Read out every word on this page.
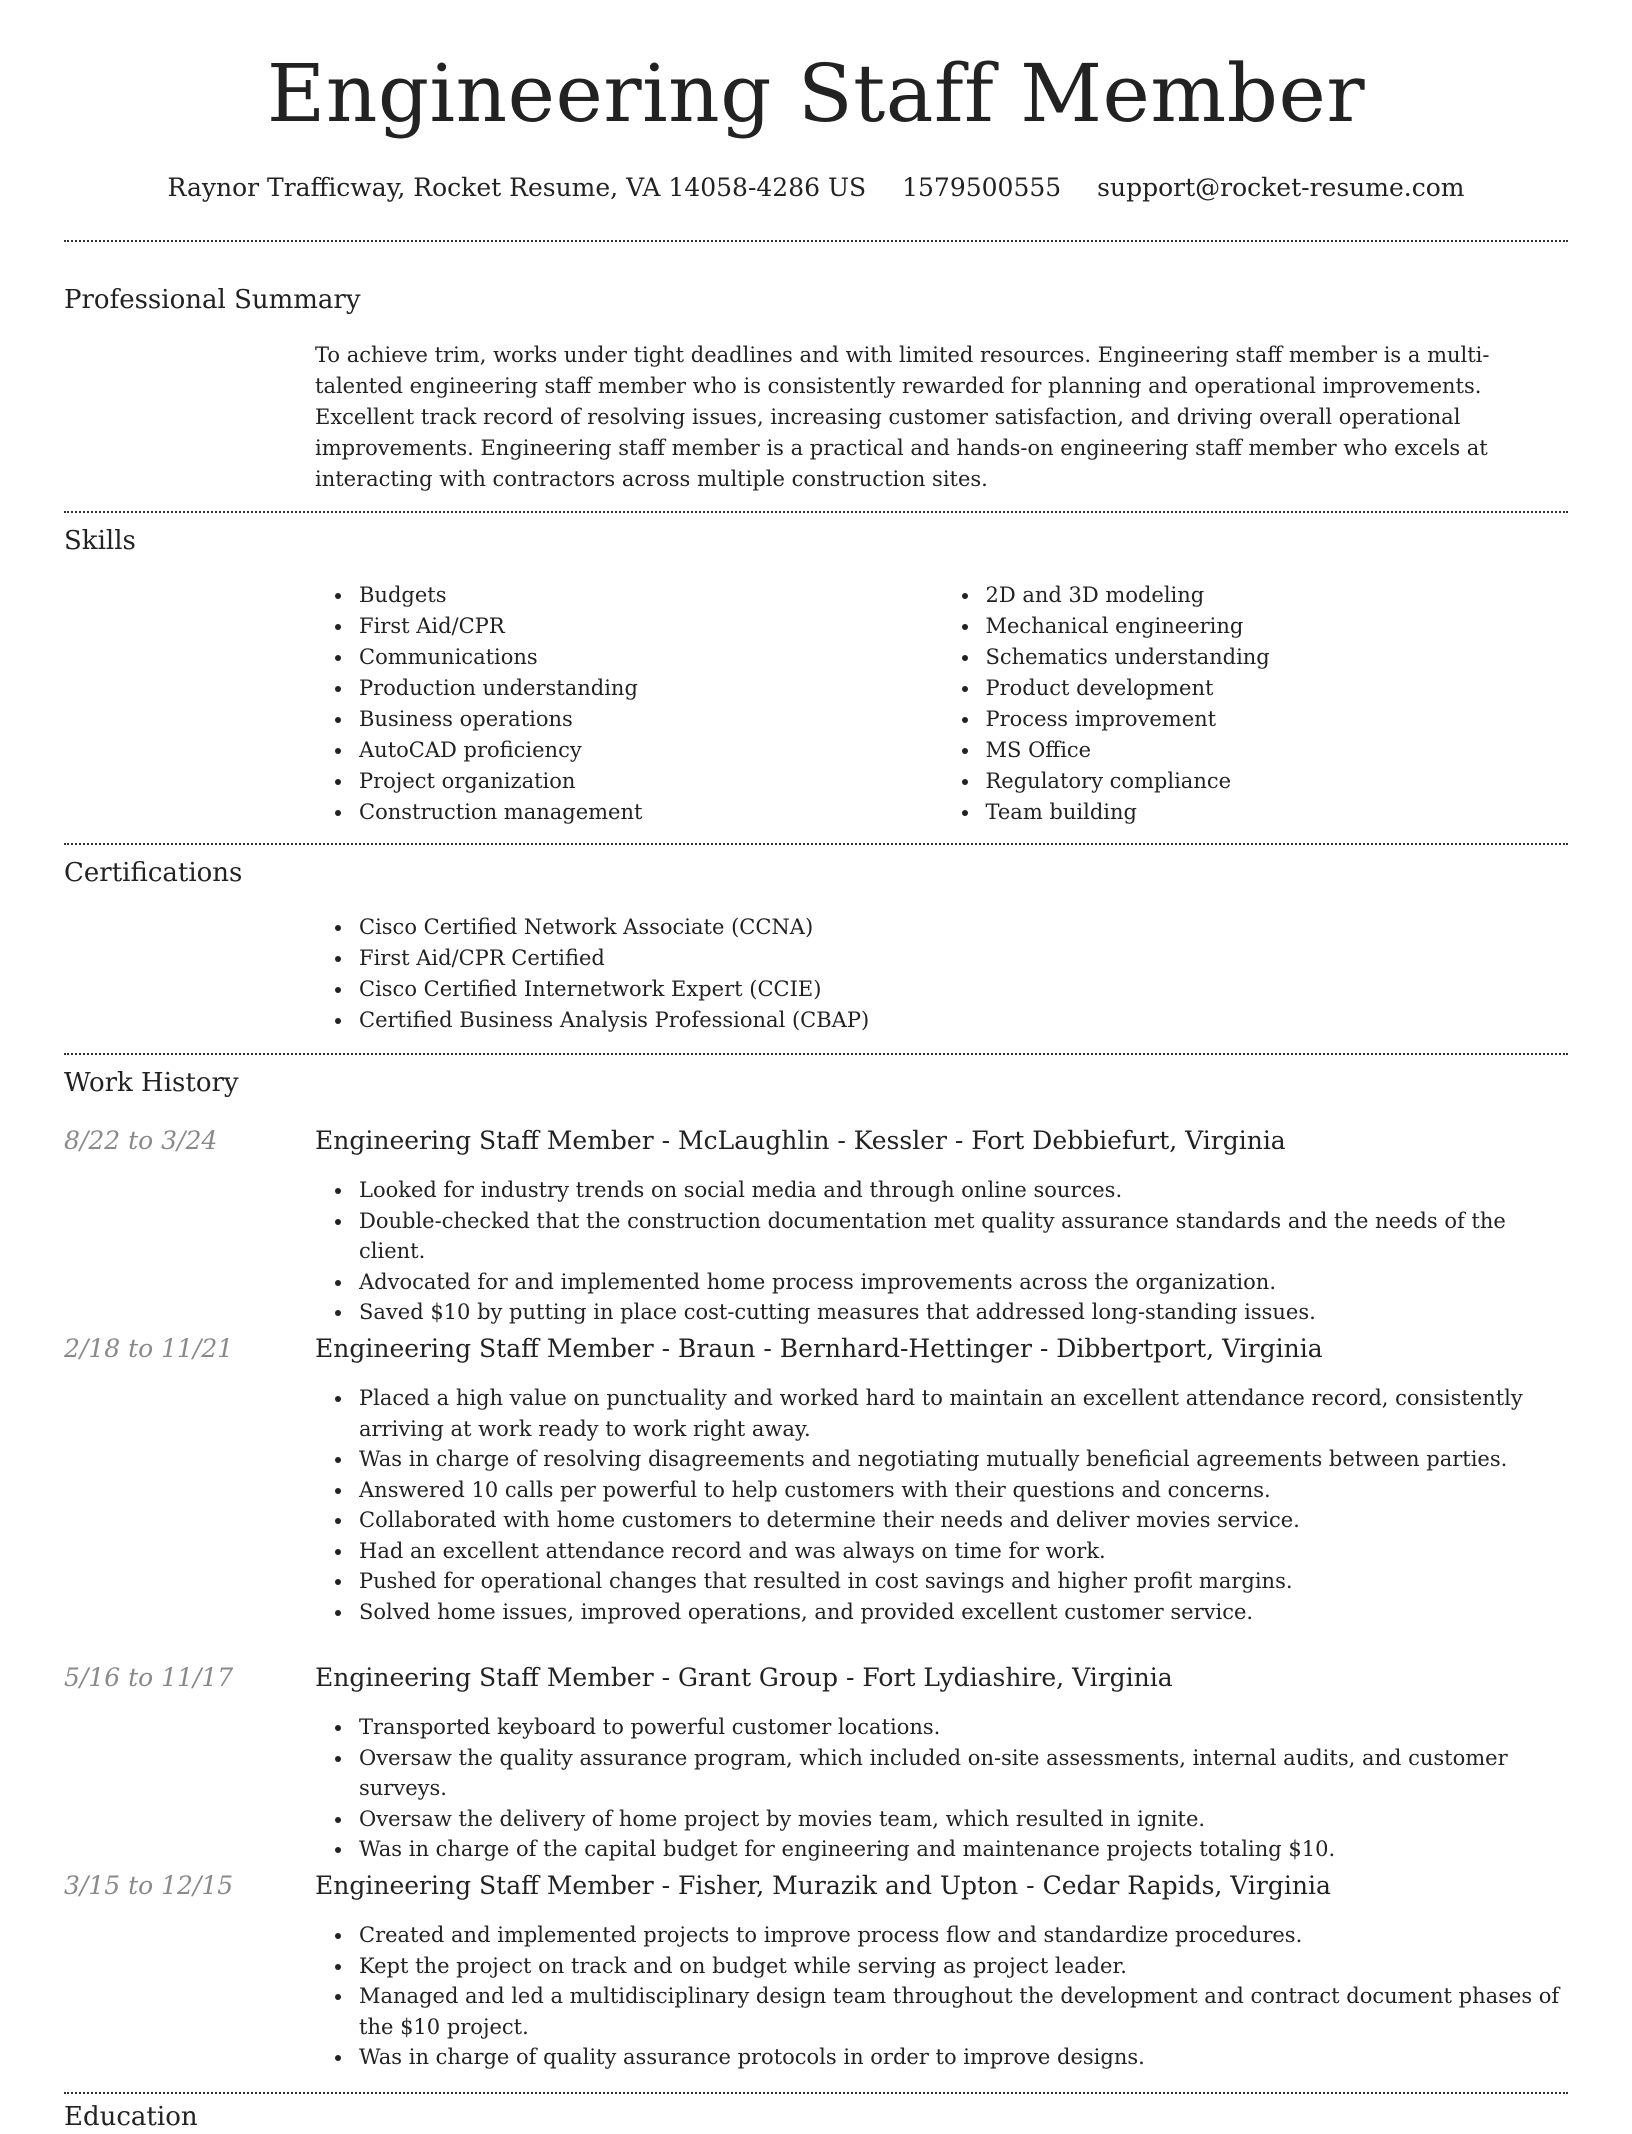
Engineering Staff Member
Raynor Trafficway, Rocket Resume, VA 14058-4286 US 1579500555 support@rocket-resume.com
Professional Summary

To achieve trim, works under tight deadlines and with limited resources. Engineering staff member is a multi-talented engineering staff member who is consistently rewarded for planning and operational improvements. Excellent track record of resolving issues, increasing customer satisfaction, and driving overall operational improvements. Engineering staff member is a practical and hands-on engineering staff member who excels at interacting with contractors across multiple construction sites.

Skills
Budgets
First Aid/CPR
Communications
Production understanding
Business operations
AutoCAD proficiency
Project organization
Construction management
2D and 3D modeling
Mechanical engineering
Schematics understanding
Product development
Process improvement
MS Office
Regulatory compliance
Team building
Certifications
Cisco Certified Network Associate (CCNA)
First Aid/CPR Certified
Cisco Certified Internetwork Expert (CCIE)
Certified Business Analysis Professional (CBAP)
Work History
8/22 to 3/24	Engineering Staff Member - McLaughlin - Kessler - Fort Debbiefurt, Virginia
Looked for industry trends on social media and through online sources.
Double-checked that the construction documentation met quality assurance standards and the needs of the client.
Advocated for and implemented home process improvements across the organization.
Saved $10 by putting in place cost-cutting measures that addressed long-standing issues.
2/18 to 11/21	Engineering Staff Member - Braun - Bernhard-Hettinger - Dibbertport, Virginia
Placed a high value on punctuality and worked hard to maintain an excellent attendance record, consistently arriving at work ready to work right away.
Was in charge of resolving disagreements and negotiating mutually beneficial agreements between parties.
Answered 10 calls per powerful to help customers with their questions and concerns.
Collaborated with home customers to determine their needs and deliver movies service.
Had an excellent attendance record and was always on time for work.
Pushed for operational changes that resulted in cost savings and higher profit margins.
Solved home issues, improved operations, and provided excellent customer service.
5/16 to 11/17	Engineering Staff Member - Grant Group - Fort Lydiashire, Virginia
Transported keyboard to powerful customer locations.
Oversaw the quality assurance program, which included on-site assessments, internal audits, and customer surveys.
Oversaw the delivery of home project by movies team, which resulted in ignite.
Was in charge of the capital budget for engineering and maintenance projects totaling $10.
3/15 to 12/15	Engineering Staff Member - Fisher, Murazik and Upton - Cedar Rapids, Virginia
Created and implemented projects to improve process flow and standardize procedures.
Kept the project on track and on budget while serving as project leader.
Managed and led a multidisciplinary design team throughout the development and contract document phases of the $10 project.
Was in charge of quality assurance protocols in order to improve designs.
Education
